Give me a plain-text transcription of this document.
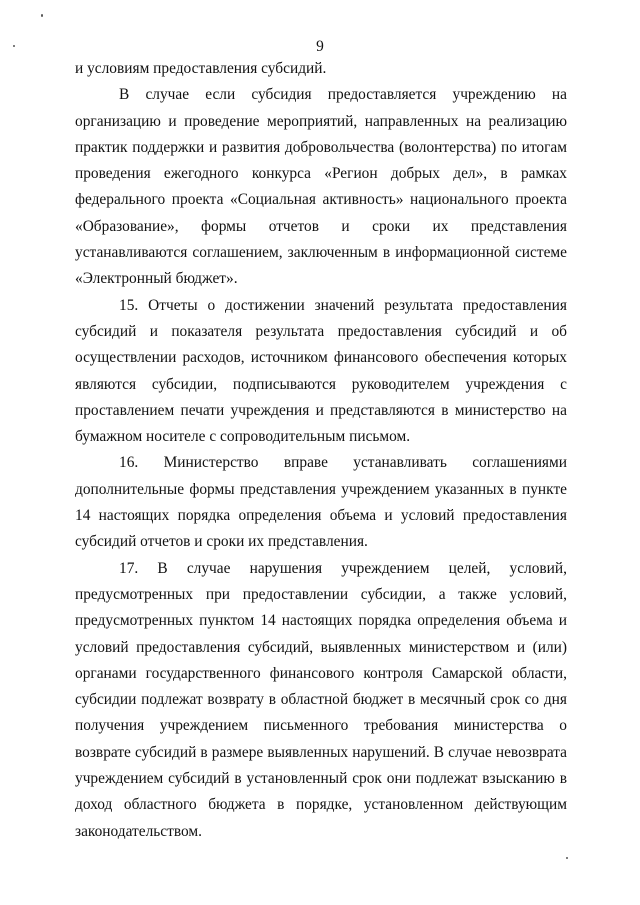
9

и условиям предоставления субсидий.

В случае если субсидия предоставляется учреждению на организацию и проведение мероприятий, направленных на реализацию практик поддержки и развития добровольчества (волонтерства) по итогам проведения ежегодного конкурса «Регион добрых дел», в рамках федерального проекта «Социальная активность» национального проекта «Образование», формы отчетов и сроки их представления устанавливаются соглашением, заключенным в информационной системе «Электронный бюджет».

15. Отчеты о достижении значений результата предоставления субсидий и показателя результата предоставления субсидий и об осуществлении расходов, источником финансового обеспечения которых являются субсидии, подписываются руководителем учреждения с проставлением печати учреждения и представляются в министерство на бумажном носителе с сопроводительным письмом.

16. Министерство вправе устанавливать соглашениями дополнительные формы представления учреждением указанных в пункте 14 настоящих порядка определения объема и условий предоставления субсидий отчетов и сроки их представления.

17. В случае нарушения учреждением целей, условий, предусмотренных при предоставлении субсидии, а также условий, предусмотренных пунктом 14 настоящих порядка определения объема и условий предоставления субсидий, выявленных министерством и (или) органами государственного финансового контроля Самарской области, субсидии подлежат возврату в областной бюджет в месячный срок со дня получения учреждением письменного требования министерства о возврате субсидий в размере выявленных нарушений. В случае невозврата учреждением субсидий в установленный срок они подлежат взысканию в доход областного бюджета в порядке, установленном действующим законодательством.
